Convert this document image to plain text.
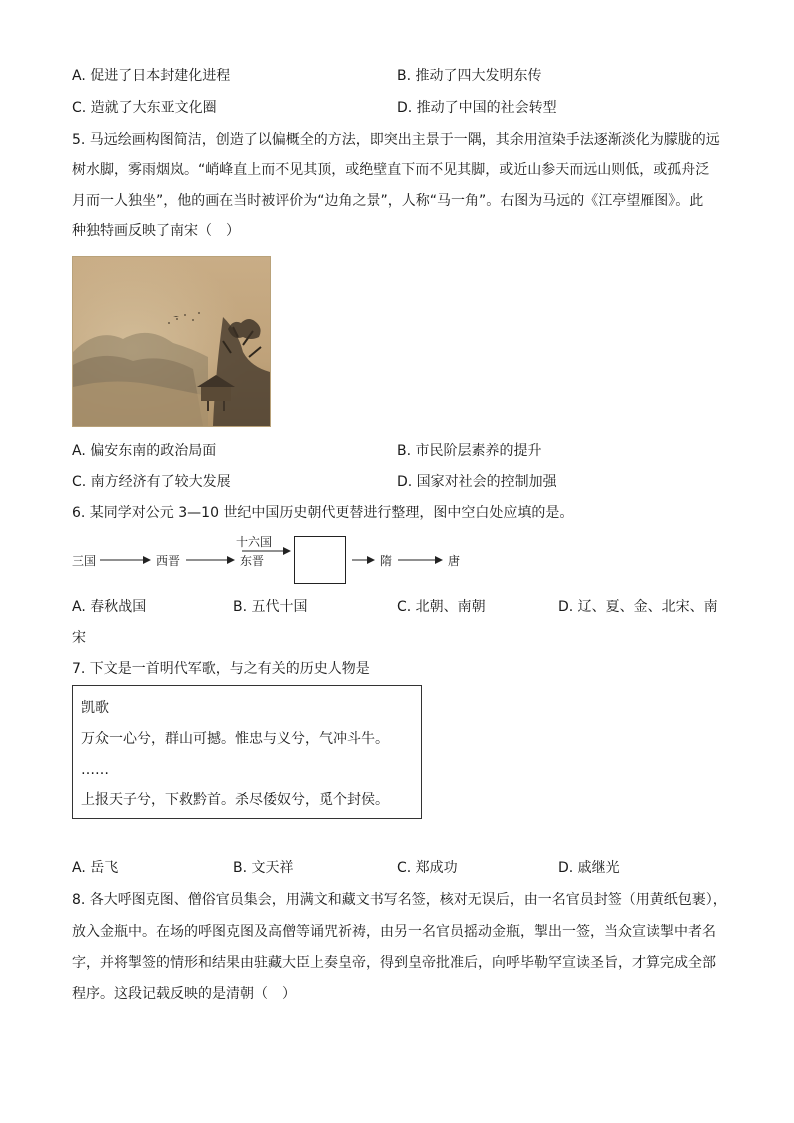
A. 促进了日本封建化进程	B. 推动了四大发明东传
C. 造就了大东亚文化圈	D. 推动了中国的社会转型
5. 马远绘画构图简洁，创造了以偏概全的方法，即突出主景于一隅，其余用渲染手法逐渐淡化为朦胧的远
树水脚，雾雨烟岚。“峭峰直上而不见其顶，或绝壁直下而不见其脚，或近山参天而远山则低，或孤舟泛
月而一人独坐”，他的画在当时被评价为“边角之景”，人称“马一角”。右图为马远的《江亭望雁图》。此
种独特画反映了南宋（　）
A. 偏安东南的政治局面	B. 市民阶层素养的提升
C. 南方经济有了较大发展	D. 国家对社会的控制加强
6. 某同学对公元 3—10 世纪中国历史朝代更替进行整理，图中空白处应填的是。
三国	西晋
十六国
东晋	隋	唐
A. 春秋战国	B. 五代十国	C. 北朝、南朝	D. 辽、夏、金、北宋、南
宋
7. 下文是一首明代军歌，与之有关的历史人物是
凯歌
万众一心兮，群山可撼。惟忠与义兮，气冲斗牛。
……
上报天子兮，下救黔首。杀尽倭奴兮，觅个封侯。
A. 岳飞	B. 文天祥	C. 郑成功	D. 戚继光
8. 各大呼图克图、僧俗官员集会，用满文和藏文书写名签，核对无误后，由一名官员封签（用黄纸包裹），
放入金瓶中。在场的呼图克图及高僧等诵咒祈祷，由另一名官员摇动金瓶，掣出一签，当众宣读掣中者名
字，并将掣签的情形和结果由驻藏大臣上奏皇帝，得到皇帝批准后，向呼毕勒罕宣读圣旨，才算完成全部
程序。这段记载反映的是清朝（　）
